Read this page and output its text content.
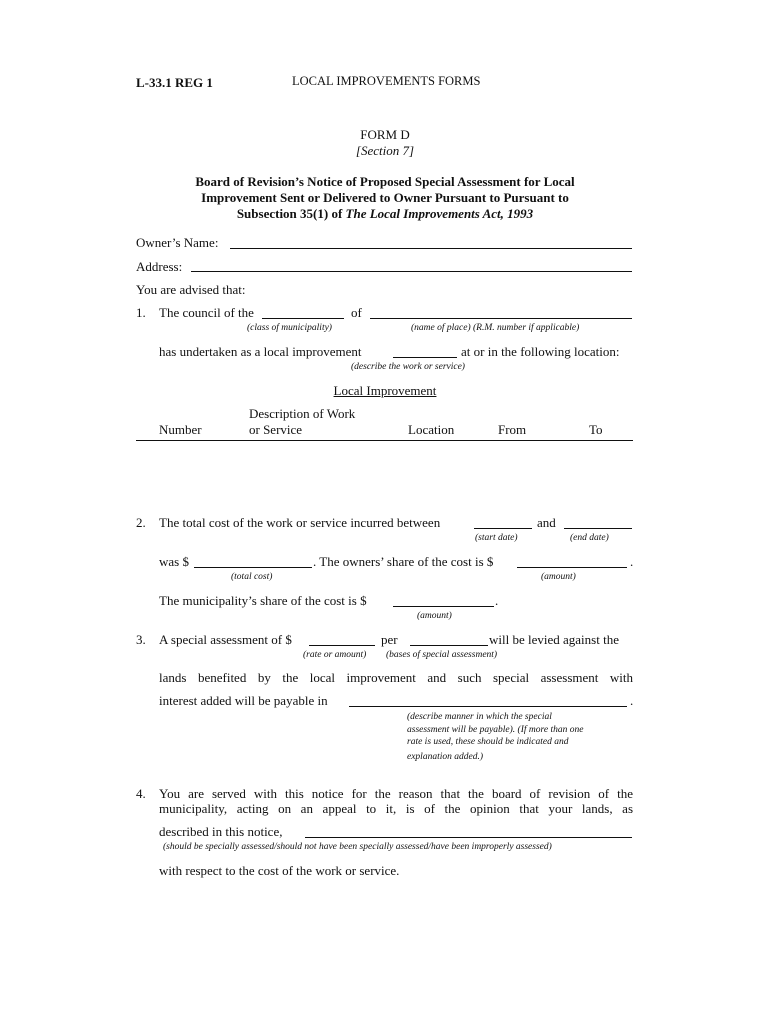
L-33.1 REG 1	LOCAL IMPROVEMENTS FORMS
FORM D
[Section 7]
Board of Revision’s Notice of Proposed Special Assessment for Local
Improvement Sent or Delivered to Owner Pursuant to Pursuant to
Subsection 35(1) of The Local Improvements Act, 1993
Owner’s Name:
Address:
You are advised that:
1. The council of the	of
(class of municipality)	(name of place) (R.M. number if applicable)
has undertaken as a local improvement	at or in the following location:
(describe the work or service)
Local Improvement
Description of Work
Number	or Service	Location	From	To
2. The total cost of the work or service incurred between	and
(start date)	(end date)
was $	. The owners’ share of the cost is $	.
(total cost)	(amount)
The municipality’s share of the cost is $	.
(amount)
3. A special assessment of $	per	will be levied against the
(rate or amount) (bases of special assessment)
lands benefited by the local improvement and such special assessment with
interest added will be payable in	.
(describe manner in which the special
assessment will be payable). (If more than one
rate is used, these should be indicated and
explanation added.)
4. You are served with this notice for the reason that the board of revision of the
municipality, acting on an appeal to it, is of the opinion that your lands, as
described in this notice,
(should be specially assessed/should not have been specially assessed/have been improperly assessed)
with respect to the cost of the work or service.
